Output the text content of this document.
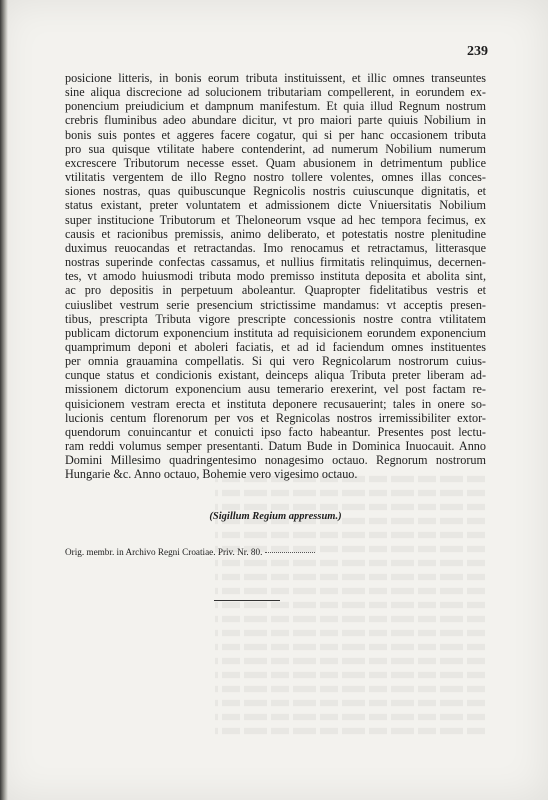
239
posicione litteris, in bonis eorum tributa instituissent, et illic omnes transeuntes
sine aliqua discrecione ad solucionem tributariam compellerent, in eorundem ex-
ponencium preiudicium et dampnum manifestum. Et quia illud Regnum nostrum
crebris fluminibus adeo abundare dicitur, vt pro maiori parte quiuis Nobilium in
bonis suis pontes et aggeres facere cogatur, qui si per hanc occasionem tributa
pro sua quisque vtilitate habere contenderint, ad numerum Nobilium numerum
excrescere Tributorum necesse esset. Quam abusionem in detrimentum publice
vtilitatis vergentem de illo Regno nostro tollere volentes, omnes illas conces-
siones nostras, quas quibuscunque Regnicolis nostris cuiuscunque dignitatis, et
status existant, preter voluntatem et admissionem dicte Vniuersitatis Nobilium
super institucione Tributorum et Theloneorum vsque ad hec tempora fecimus, ex
causis et racionibus premissis, animo deliberato, et potestatis nostre plenitudine
duximus reuocandas et retractandas. Imo renocamus et retractamus, litterasque
nostras superinde confectas cassamus, et nullius firmitatis relinquimus, decernen-
tes, vt amodo huiusmodi tributa modo premisso instituta deposita et abolita sint,
ac pro depositis in perpetuum aboleantur. Quapropter fidelitatibus vestris et
cuiuslibet vestrum serie presencium strictissime mandamus: vt acceptis presen-
tibus, prescripta Tributa vigore prescripte concessionis nostre contra vtilitatem
publicam dictorum exponencium instituta ad requisicionem eorundem exponencium
quamprimum deponi et aboleri faciatis, et ad id faciendum omnes instituentes
per omnia grauamina compellatis. Si qui vero Regnicolarum nostrorum cuius-
cunque status et condicionis existant, deinceps aliqua Tributa preter liberam ad-
missionem dictorum exponencium ausu temerario erexerint, vel post factam re-
quisicionem vestram erecta et instituta deponere recusauerint; tales in onere so-
lucionis centum florenorum per vos et Regnicolas nostros irremissibiliter extor-
quendorum conuincantur et conuicti ipso facto habeantur. Presentes post lectu-
ram reddi volumus semper presentanti. Datum Bude in Dominica Inuocauit. Anno
Domini Millesimo quadringentesimo nonagesimo octauo. Regnorum nostrorum
Hungarie &c. Anno octauo, Bohemie vero vigesimo octauo.
(Sigillum Regium appressum.)
Orig. membr. in Archivo Regni Croatiae. Priv. Nr. 80.
